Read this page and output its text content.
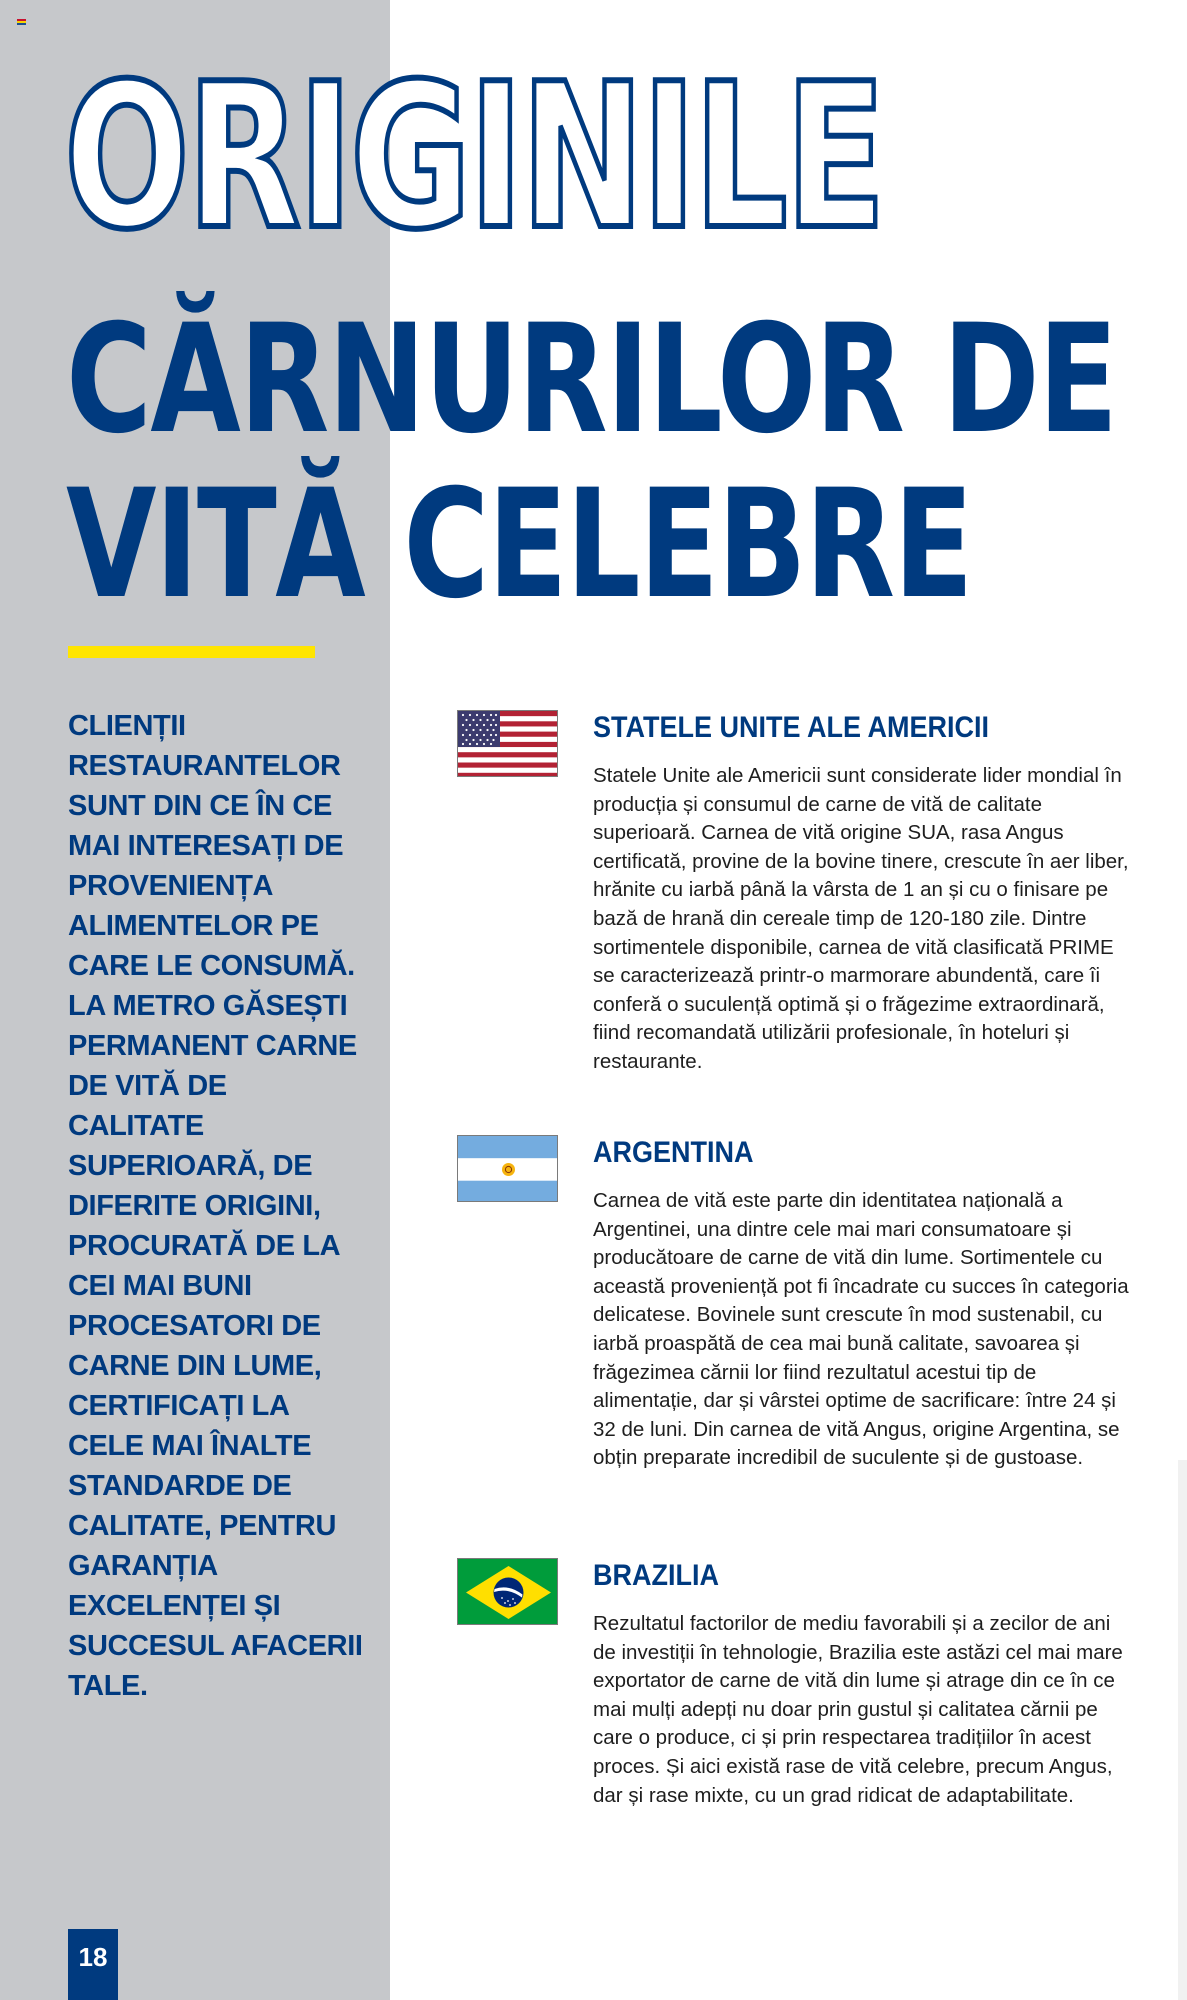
ORIGINILE
CĂRNURILOR DE
VITĂ CELEBRE

CLIENȚII RESTAURANTELOR SUNT DIN CE ÎN CE MAI INTERESAȚI DE PROVENIENȚA ALIMENTELOR PE CARE LE CONSUMĂ. LA METRO GĂSEȘTI PERMANENT CARNE DE VITĂ DE CALITATE SUPERIOARĂ, DE DIFERITE ORIGINI, PROCURATĂ DE LA CEI MAI BUNI PROCESATORI DE CARNE DIN LUME, CERTIFICAȚI LA CELE MAI ÎNALTE STANDARDE DE CALITATE, PENTRU GARANȚIA EXCELENȚEI ȘI SUCCESUL AFACERII TALE.

STATELE UNITE ALE AMERICII

Statele Unite ale Americii sunt considerate lider mondial în producția și consumul de carne de vită de calitate superioară. Carnea de vită origine SUA, rasa Angus certificată, provine de la bovine tinere, crescute în aer liber, hrănite cu iarbă până la vârsta de 1 an și cu o finisare pe bază de hrană din cereale timp de 120-180 zile. Dintre sortimentele disponibile, carnea de vită clasificată PRIME se caracterizează printr-o marmorare abundentă, care îi conferă o suculență optimă și o frăgezime extraordinară, fiind recomandată utilizării profesionale, în hoteluri și restaurante.

ARGENTINA

Carnea de vită este parte din identitatea națională a Argentinei, una dintre cele mai mari consumatoare și producătoare de carne de vită din lume. Sortimentele cu această proveniență pot fi încadrate cu succes în categoria delicatese. Bovinele sunt crescute în mod sustenabil, cu iarbă proaspătă de cea mai bună calitate, savoarea și frăgezimea cărnii lor fiind rezultatul acestui tip de alimentație, dar și vârstei optime de sacrificare: între 24 și 32 de luni. Din carnea de vită Angus, origine Argentina, se obțin preparate incredibil de suculente și de gustoase.

BRAZILIA

Rezultatul factorilor de mediu favorabili și a zecilor de ani de investiții în tehnologie, Brazilia este astăzi cel mai mare exportator de carne de vită din lume și atrage din ce în ce mai mulți adepți nu doar prin gustul și calitatea cărnii pe care o produce, ci și prin respectarea tradițiilor în acest proces. Și aici există rase de vită celebre, precum Angus, dar și rase mixte, cu un grad ridicat de adaptabilitate.

18
